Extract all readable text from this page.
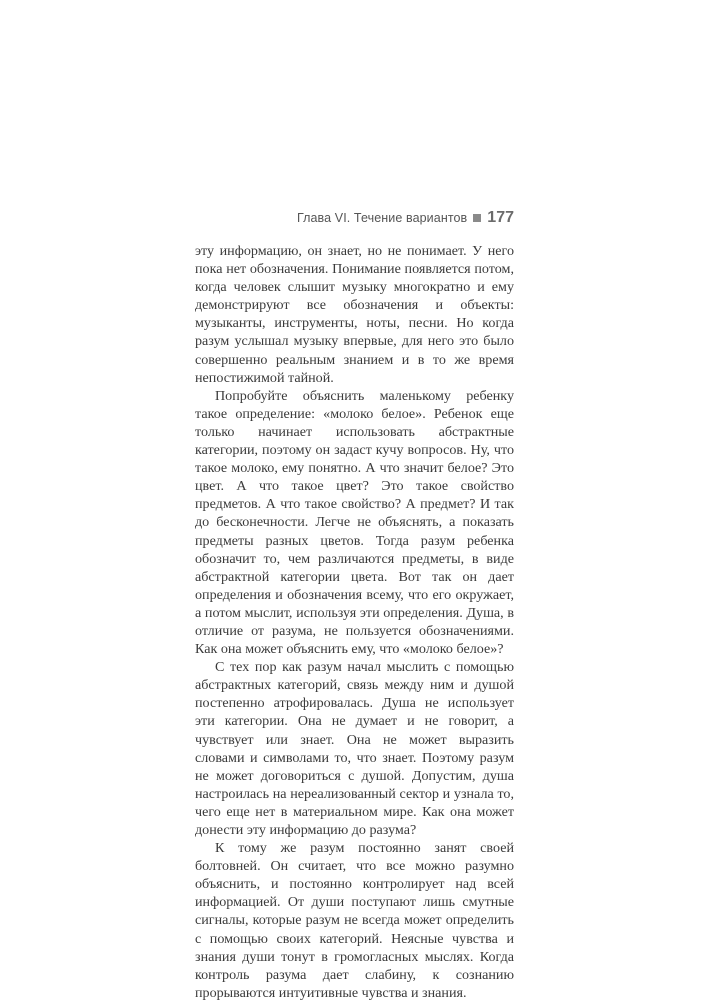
Глава VI. Течение вариантов 177

эту информацию, он знает, но не понимает. У него пока нет обозначения. Понимание появляется потом, когда человек слышит музыку многократно и ему демонстрируют все обозначения и объекты: музыканты, инструменты, ноты, песни. Но когда разум услышал музыку впервые, для него это было совершенно реальным знанием и в то же время непостижимой тайной.

Попробуйте объяснить маленькому ребенку такое определение: «молоко белое». Ребенок еще только начинает использовать абстрактные категории, поэтому он задаст кучу вопросов. Ну, что такое молоко, ему понятно. А что значит белое? Это цвет. А что такое цвет? Это такое свойство предметов. А что такое свойство? А предмет? И так до бесконечности. Легче не объяснять, а показать предметы разных цветов. Тогда разум ребенка обозначит то, чем различаются предметы, в виде абстрактной категории цвета. Вот так он дает определения и обозначения всему, что его окружает, а потом мыслит, используя эти определения. Душа, в отличие от разума, не пользуется обозначениями. Как она может объяснить ему, что «молоко белое»?

С тех пор как разум начал мыслить с помощью абстрактных категорий, связь между ним и душой постепенно атрофировалась. Душа не использует эти категории. Она не думает и не говорит, а чувствует или знает. Она не может выразить словами и символами то, что знает. Поэтому разум не может договориться с душой. Допустим, душа настроилась на нереализованный сектор и узнала то, чего еще нет в материальном мире. Как она может донести эту информацию до разума?

К тому же разум постоянно занят своей болтовней. Он считает, что все можно разумно объяснить, и постоянно контролирует над всей информацией. От души поступают лишь смутные сигналы, которые разум не всегда может определить с помощью своих категорий. Неясные чувства и знания души тонут в громогласных мыслях. Когда контроль разума дает слабину, к сознанию прорываются интуитивные чувства и знания.
